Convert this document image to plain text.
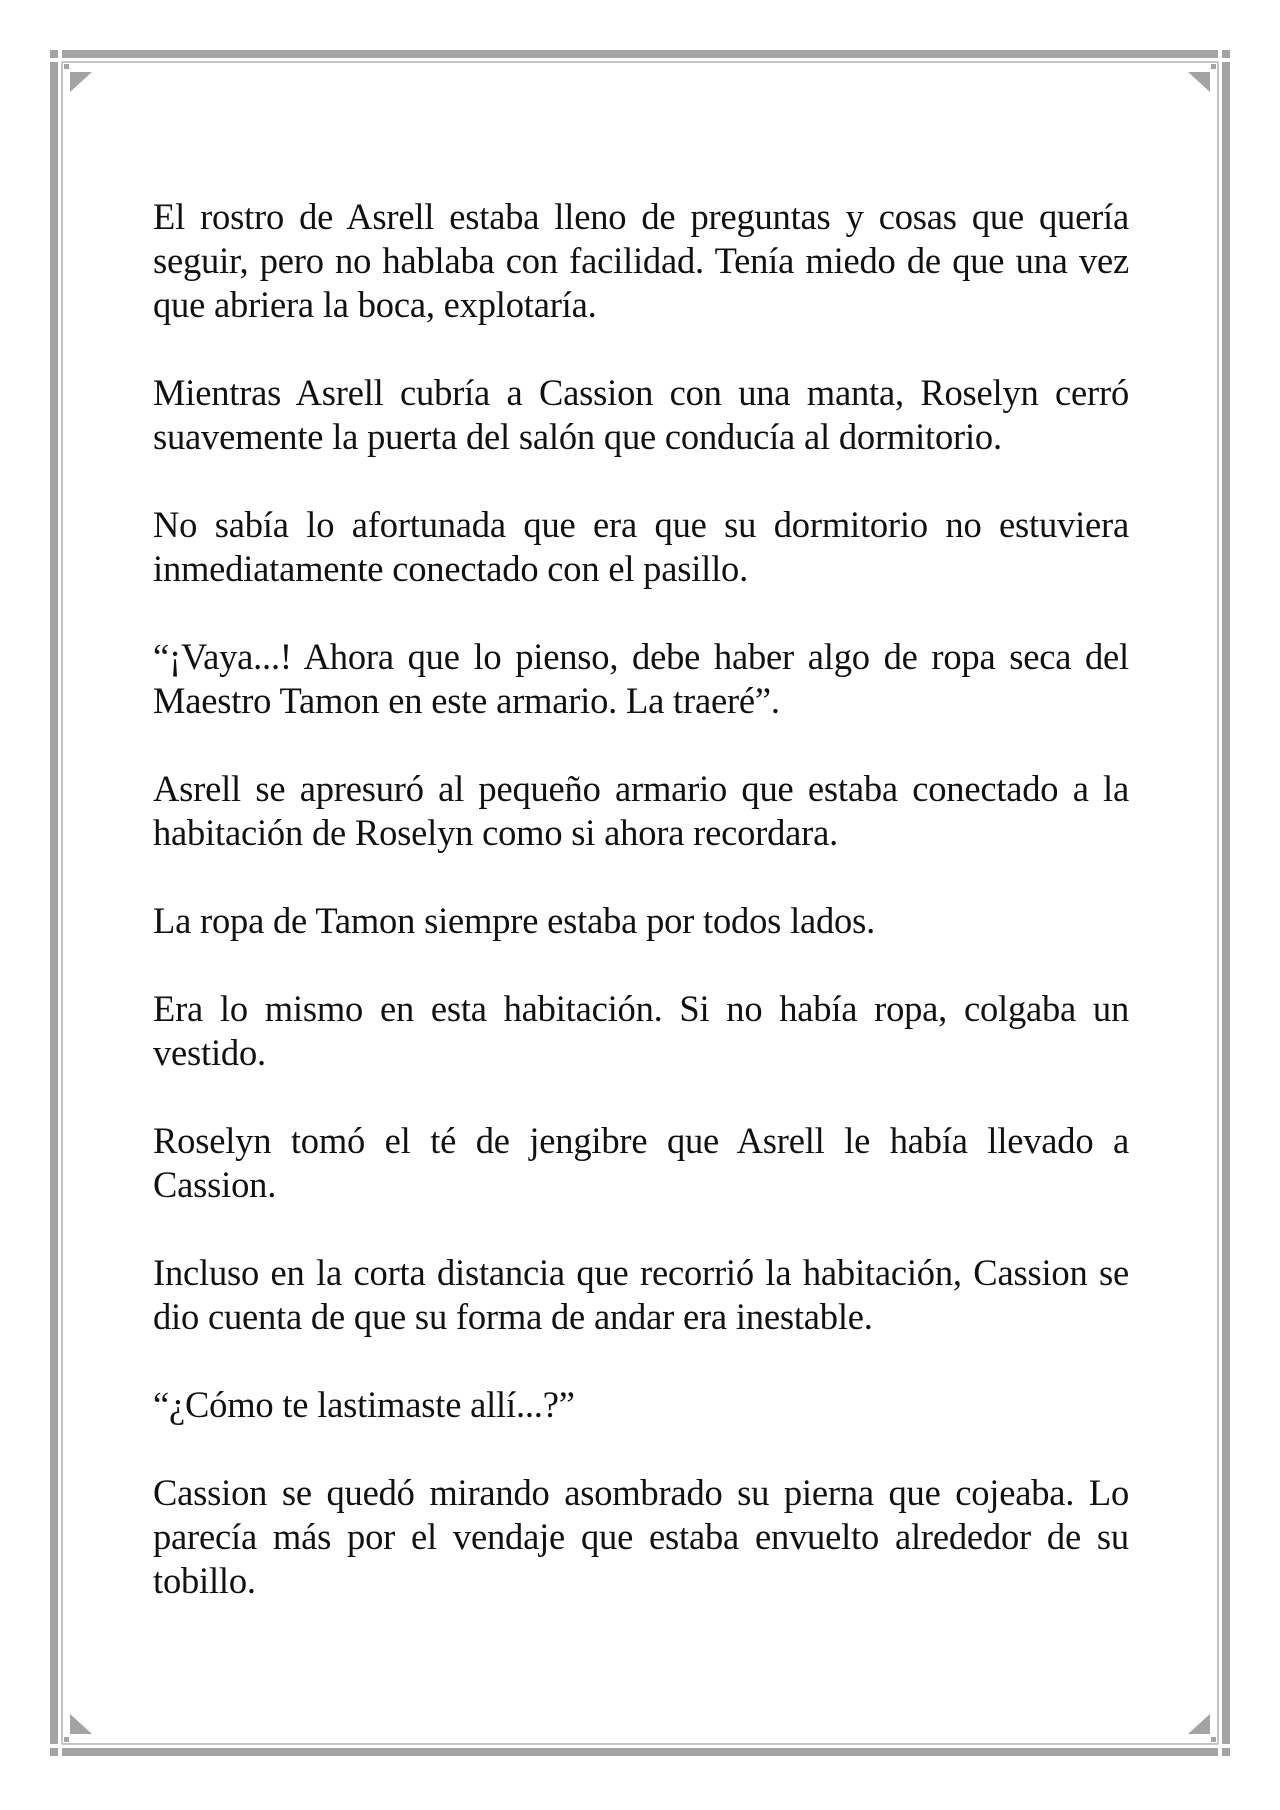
El rostro de Asrell estaba lleno de preguntas y cosas que quería seguir, pero no hablaba con facilidad. Tenía miedo de que una vez que abriera la boca, explotaría.

Mientras Asrell cubría a Cassion con una manta, Roselyn cerró suavemente la puerta del salón que conducía al dormitorio.

No sabía lo afortunada que era que su dormitorio no estuviera inmediatamente conectado con el pasillo.

“¡Vaya...! Ahora que lo pienso, debe haber algo de ropa seca del Maestro Tamon en este armario. La traeré”.

Asrell se apresuró al pequeño armario que estaba conectado a la habitación de Roselyn como si ahora recordara.

La ropa de Tamon siempre estaba por todos lados.

Era lo mismo en esta habitación. Si no había ropa, colgaba un vestido.

Roselyn tomó el té de jengibre que Asrell le había llevado a Cassion.

Incluso en la corta distancia que recorrió la habitación, Cassion se dio cuenta de que su forma de andar era inestable.

“¿Cómo te lastimaste allí...?”

Cassion se quedó mirando asombrado su pierna que cojeaba. Lo parecía más por el vendaje que estaba envuelto alrededor de su tobillo.
